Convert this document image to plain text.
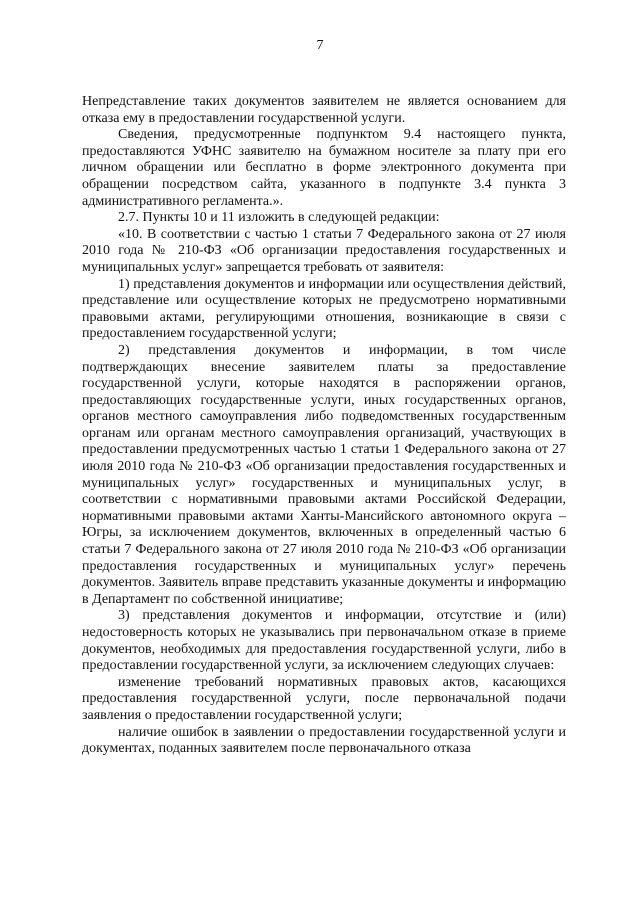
7

Непредставление таких документов заявителем не является основанием для отказа ему в предоставлении государственной услуги.

Сведения, предусмотренные подпунктом 9.4 настоящего пункта, предоставляются УФНС заявителю на бумажном носителе за плату при его личном обращении или бесплатно в форме электронного документа при обращении посредством сайта, указанного в подпункте 3.4 пункта 3 административного регламента.».

2.7. Пункты 10 и 11 изложить в следующей редакции:

«10. В соответствии с частью 1 статьи 7 Федерального закона от 27 июля 2010 года № 210-ФЗ «Об организации предоставления государственных и муниципальных услуг» запрещается требовать от заявителя:

1) представления документов и информации или осуществления действий, представление или осуществление которых не предусмотрено нормативными правовыми актами, регулирующими отношения, возникающие в связи с предоставлением государственной услуги;

2) представления документов и информации, в том числе подтверждающих внесение заявителем платы за предоставление государственной услуги, которые находятся в распоряжении органов, предоставляющих государственные услуги, иных государственных органов, органов местного самоуправления либо подведомственных государственным органам или органам местного самоуправления организаций, участвующих в предоставлении предусмотренных частью 1 статьи 1 Федерального закона от 27 июля 2010 года № 210-ФЗ «Об организации предоставления государственных и муниципальных услуг» государственных и муниципальных услуг, в соответствии с нормативными правовыми актами Российской Федерации, нормативными правовыми актами Ханты-Мансийского автономного округа – Югры, за исключением документов, включенных в определенный частью 6 статьи 7 Федерального закона от 27 июля 2010 года № 210-ФЗ «Об организации предоставления государственных и муниципальных услуг» перечень документов. Заявитель вправе представить указанные документы и информацию в Департамент по собственной инициативе;

3) представления документов и информации, отсутствие и (или) недостоверность которых не указывались при первоначальном отказе в приеме документов, необходимых для предоставления государственной услуги, либо в предоставлении государственной услуги, за исключением следующих случаев:

изменение требований нормативных правовых актов, касающихся предоставления государственной услуги, после первоначальной подачи заявления о предоставлении государственной услуги;

наличие ошибок в заявлении о предоставлении государственной услуги и документах, поданных заявителем после первоначального отказа
